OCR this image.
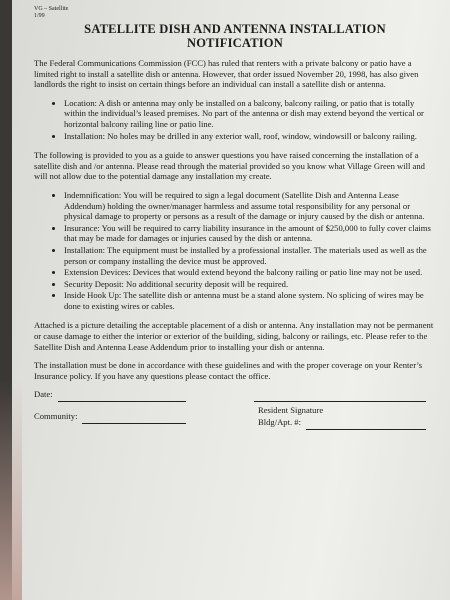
VG – Satellite
1/99
SATELLITE DISH AND ANTENNA INSTALLATION
NOTIFICATION

The Federal Communications Commission (FCC) has ruled that renters with a private balcony or patio have a limited right to install a satellite dish or antenna. However, that order issued November 20, 1998, has also given landlords the right to insist on certain things before an individual can install a satellite dish or antenna.

• Location: A dish or antenna may only be installed on a balcony, balcony railing, or patio that is totally within the individual’s leased premises. No part of the antenna or dish may extend beyond the vertical or horizontal balcony railing line or patio line.
• Installation: No holes may be drilled in any exterior wall, roof, window, windowsill or balcony railing.

The following is provided to you as a guide to answer questions you have raised concerning the installation of a satellite dish and /or antenna. Please read through the material provided so you know what Village Green will and will not allow due to the potential damage any installation my create.

• Indemnification: You will be required to sign a legal document (Satellite Dish and Antenna Lease Addendum) holding the owner/manager harmless and assume total responsibility for any personal or physical damage to property or persons as a result of the damage or injury caused by the dish or antenna.
• Insurance: You will be required to carry liability insurance in the amount of $250,000 to fully cover claims that may be made for damages or injuries caused by the dish or antenna.
• Installation: The equipment must be installed by a professional installer. The materials used as well as the person or company installing the device must be approved.
• Extension Devices: Devices that would extend beyond the balcony railing or patio line may not be used.
• Security Deposit: No additional security deposit will be required.
• Inside Hook Up: The satellite dish or antenna must be a stand alone system. No splicing of wires may be done to existing wires or cables.

Attached is a picture detailing the acceptable placement of a dish or antenna. Any installation may not be permanent or cause damage to either the interior or exterior of the building, siding, balcony or railings, etc. Please refer to the Satellite Dish and Antenna Lease Addendum prior to installing your dish or antenna.

The installation must be done in accordance with these guidelines and with the proper coverage on your Renter’s Insurance policy. If you have any questions please contact the office.

Date:
Community:
Resident Signature
Bldg/Apt. #:
